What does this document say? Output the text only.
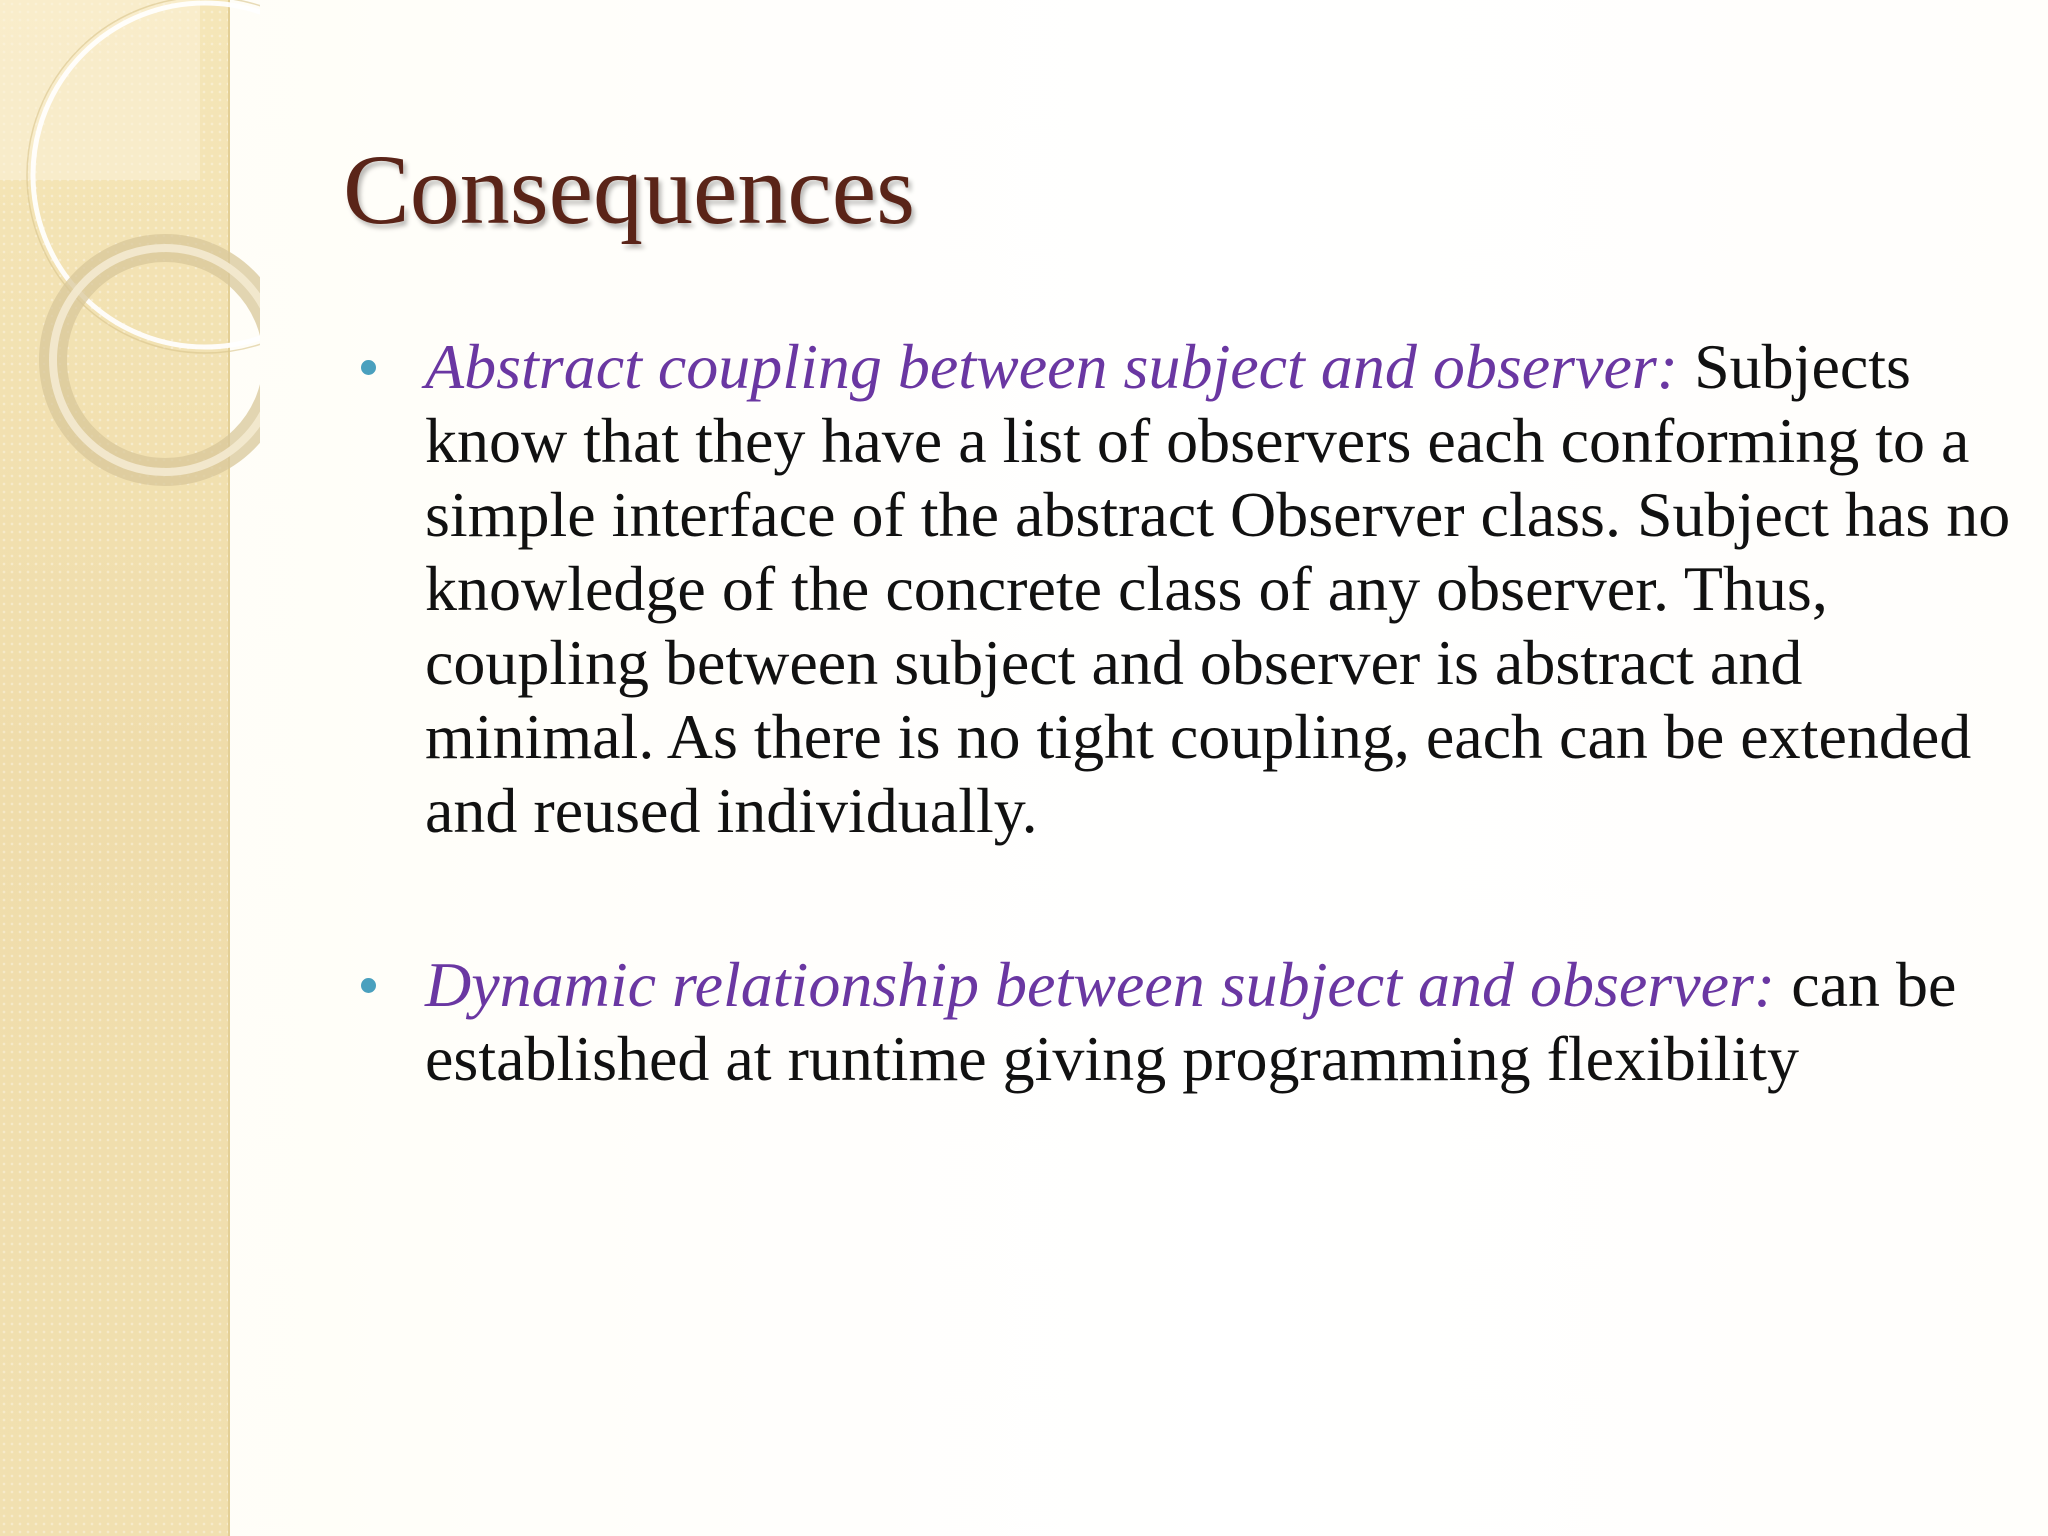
Consequences
Abstract coupling between subject and observer: Subjects know that they have a list of observers each conforming to a simple interface of the abstract Observer class. Subject has no knowledge of the concrete class of any observer. Thus, coupling between subject and observer is abstract and minimal. As there is no tight coupling, each can be extended and reused individually.
Dynamic relationship between subject and observer: can be established at runtime giving programming flexibility
